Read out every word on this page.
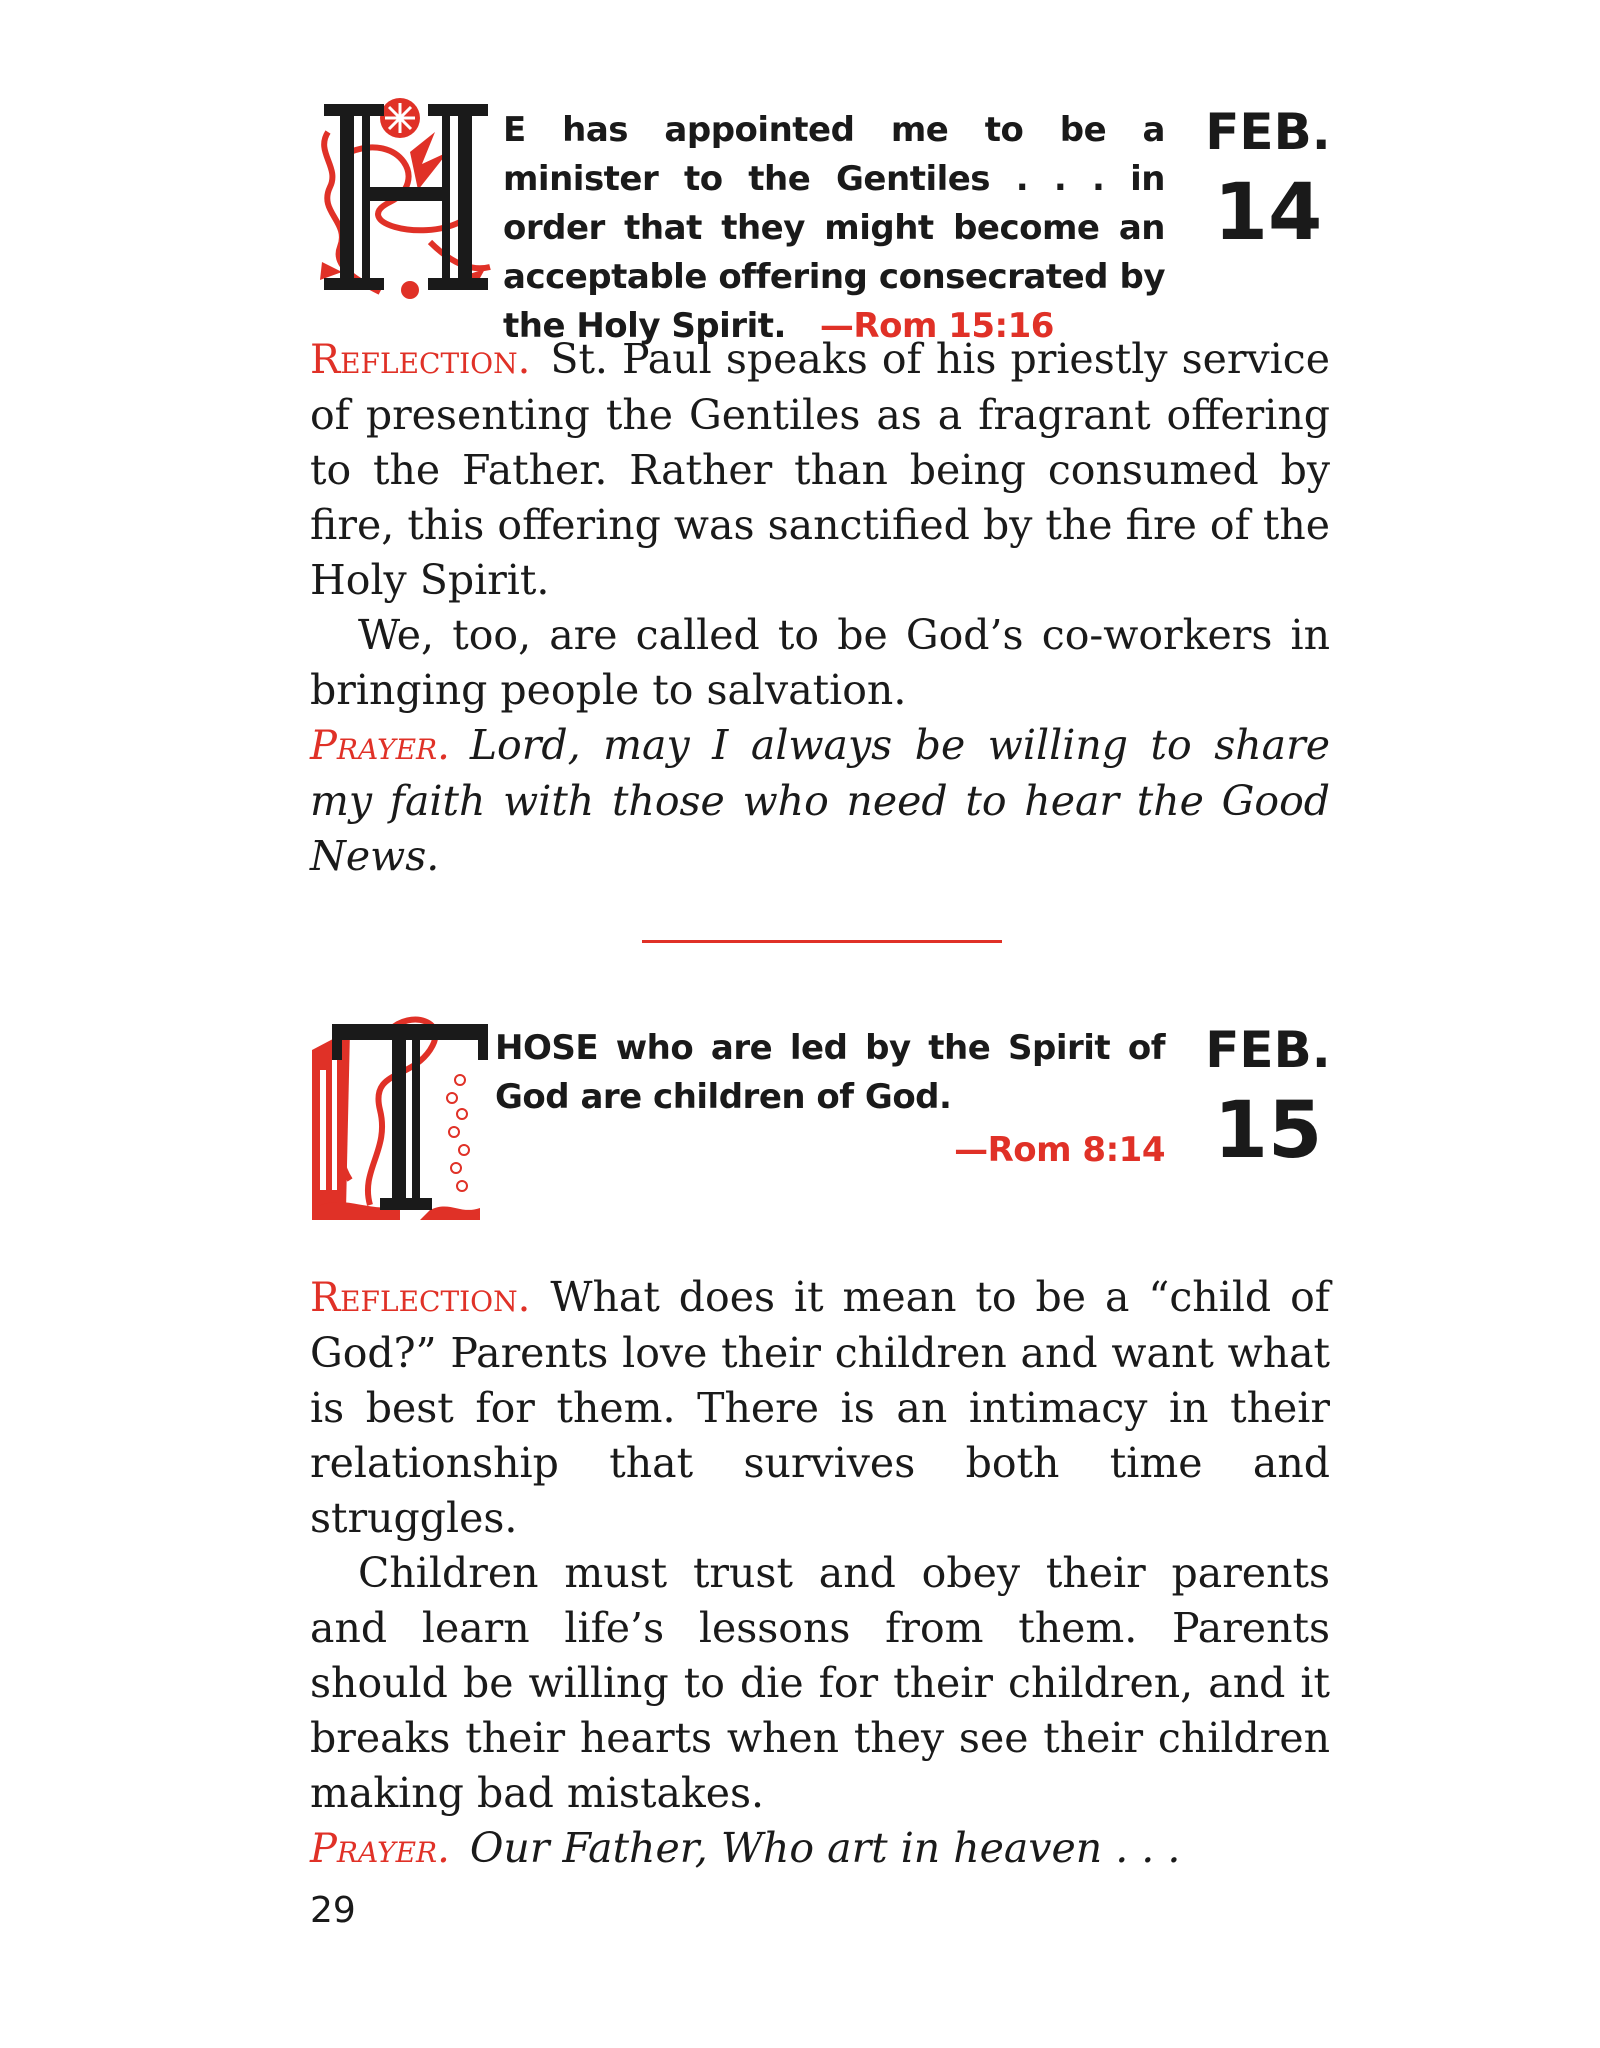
E has appointed me to be a minister to the Gentiles . . . in order that they might become an acceptable offering consecrated by the Holy Spirit. —Rom 15:16
FEB.
14

Reflection. St. Paul speaks of his priestly service of presenting the Gentiles as a fragrant offering to the Father. Rather than being consumed by fire, this offering was sanctified by the fire of the Holy Spirit.

We, too, are called to be God’s co-workers in bringing people to salvation.

Prayer. Lord, may I always be willing to share my faith with those who need to hear the Good News.

HOSE who are led by the Spirit of God are children of God.
—Rom 8:14
FEB.
15

Reflection. What does it mean to be a “child of God?” Parents love their children and want what is best for them. There is an intimacy in their relationship that survives both time and struggles.

Children must trust and obey their parents and learn life’s lessons from them. Parents should be willing to die for their children, and it breaks their hearts when they see their children making bad mistakes.

Prayer. Our Father, Who art in heaven . . .

29
